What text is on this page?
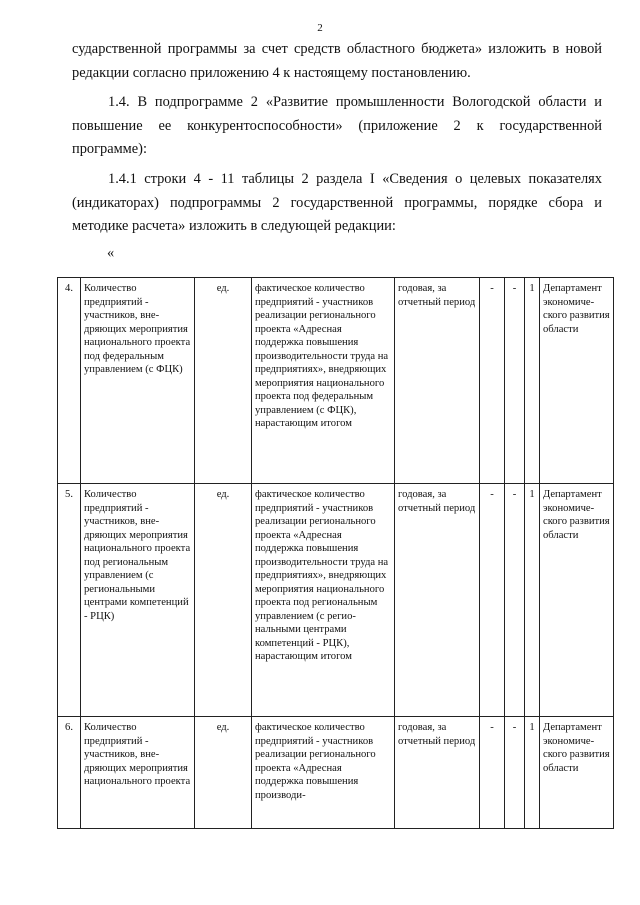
2

сударственной программы за счет средств областного бюджета» изложить в новой редакции согласно приложению 4 к настоящему постановлению.

1.4. В подпрограмме 2 «Развитие промышленности Вологодской области и повышение ее конкурентоспособности» (приложение 2 к государственной программе):

1.4.1 строки 4 - 11 таблицы 2 раздела I «Сведения о целевых показателях (индикаторах) подпрограммы 2 государственной программы, порядке сбора и методике расчета» изложить в следующей редакции:

«
4.	Количество предприятий - участников, внедряющих мероприятия национального проекта под федеральным управлением (с ФЦК)	ед.	фактическое количество предприятий - участников реализации регионального проекта «Адресная поддержка повышения производительности труда на предприятиях», внедряющих мероприятия национального проекта под федеральным управлением (с ФЦК), нарастающим итогом	годовая, за отчетный период	-	-	1	Департамент экономического развития области
5.	Количество предприятий - участников, внедряющих мероприятия национального проекта под региональным управлением (с региональными центрами компетенций - РЦК)	ед.	фактическое количество предприятий - участников реализации регионального проекта «Адресная поддержка повышения производительности труда на предприятиях», внедряющих мероприятия национального проекта под региональным управлением (с региональными центрами компетенций - РЦК), нарастающим итогом	годовая, за отчетный период	-	-	1	Департамент экономического развития области
6.	Количество предприятий - участников, внедряющих мероприятия национального проекта	ед.	фактическое количество предприятий - участников реализации регионального проекта «Адресная поддержка повышения производи-	годовая, за отчетный период	-	-	1	Департамент экономического развития области
